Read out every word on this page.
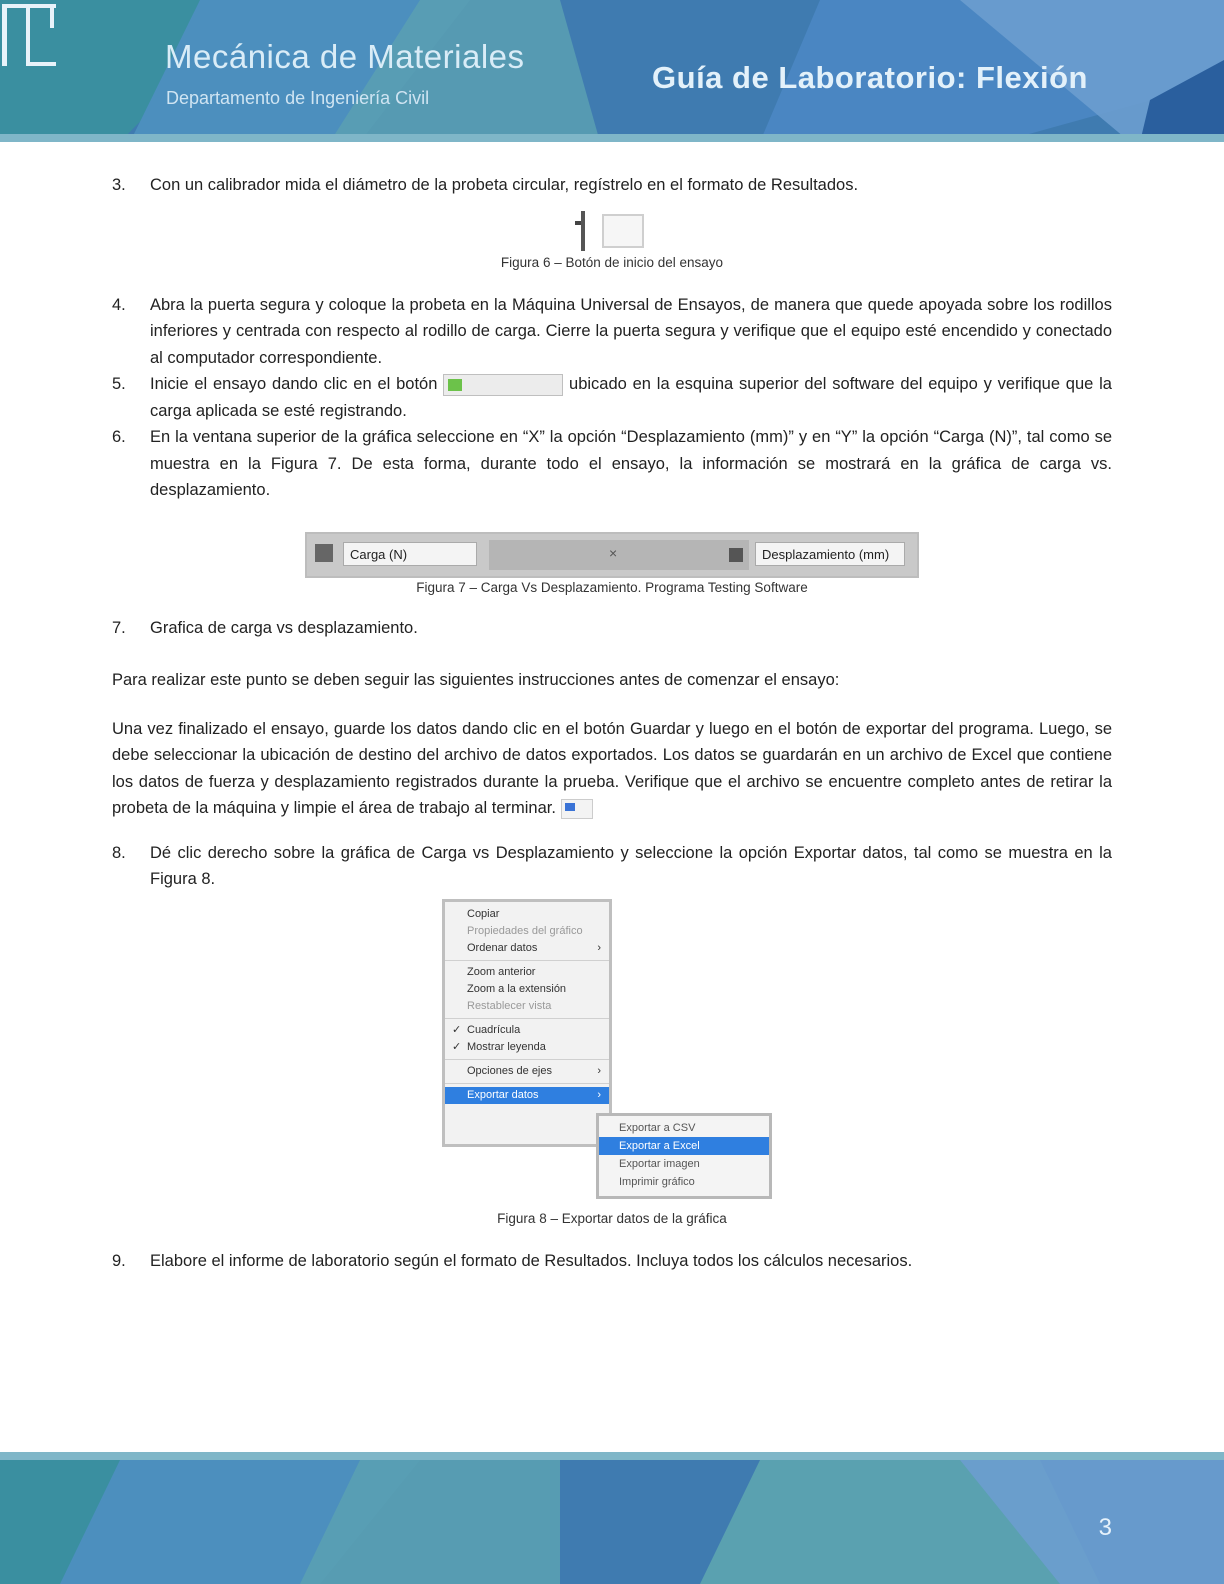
Mecánica de Materiales
Departamento de Ingeniería Civil
Guía de Laboratorio: Flexión
3. Con un calibrador mida el diámetro de la probeta circular, regístrelo en el formato de Resultados.
Figura 6 – Botón de inicio del ensayo
4. Abra la puerta segura y coloque la probeta en la Máquina Universal de Ensayos, de manera que quede apoyada sobre los rodillos inferiores y centrada con respecto al rodillo de carga. Cierre la puerta segura y verifique que el equipo esté encendido y conectado al computador correspondiente.
5. Inicie el ensayo dando clic en el botón	ubicado en la esquina superior del software del equipo y verifique que la carga aplicada se esté registrando.
6. En la ventana superior de la gráfica seleccione en “X” la opción “Desplazamiento (mm)” y en “Y” la opción “Carga (N)”, tal como se muestra en la Figura 7. De esta forma, durante todo el ensayo, la información se mostrará en la gráfica de carga vs. desplazamiento.
Carga (N)	×	Desplazamiento (mm)
Figura 7 – Carga Vs Desplazamiento. Programa Testing Software
7. Grafica de carga vs desplazamiento.
Para realizar este punto se deben seguir las siguientes instrucciones antes de comenzar el ensayo:
Una vez finalizado el ensayo, guarde los datos dando clic en el botón Guardar y luego en el botón de exportar del programa. Luego, se debe seleccionar la ubicación de destino del archivo de datos exportados. Los datos se guardarán en un archivo de Excel que contiene los datos de fuerza y desplazamiento registrados durante la prueba. Verifique que el archivo se encuentre completo antes de retirar la probeta de la máquina y limpie el área de trabajo al terminar.
8. Dé clic derecho sobre la gráfica de Carga vs Desplazamiento y seleccione la opción Exportar datos, tal como se muestra en la Figura 8.
Copiar
Propiedades del gráfico
Ordenar datos	›
Zoom anterior
Zoom a la extensión
Restablecer vista
✓ Cuadrícula
✓ Mostrar leyenda
Opciones de ejes	›
Exportar datos	›
Exportar a CSV
Exportar a Excel
Exportar imagen
Imprimir gráfico
Figura 8 – Exportar datos de la gráfica
9. Elabore el informe de laboratorio según el formato de Resultados. Incluya todos los cálculos necesarios.
3
